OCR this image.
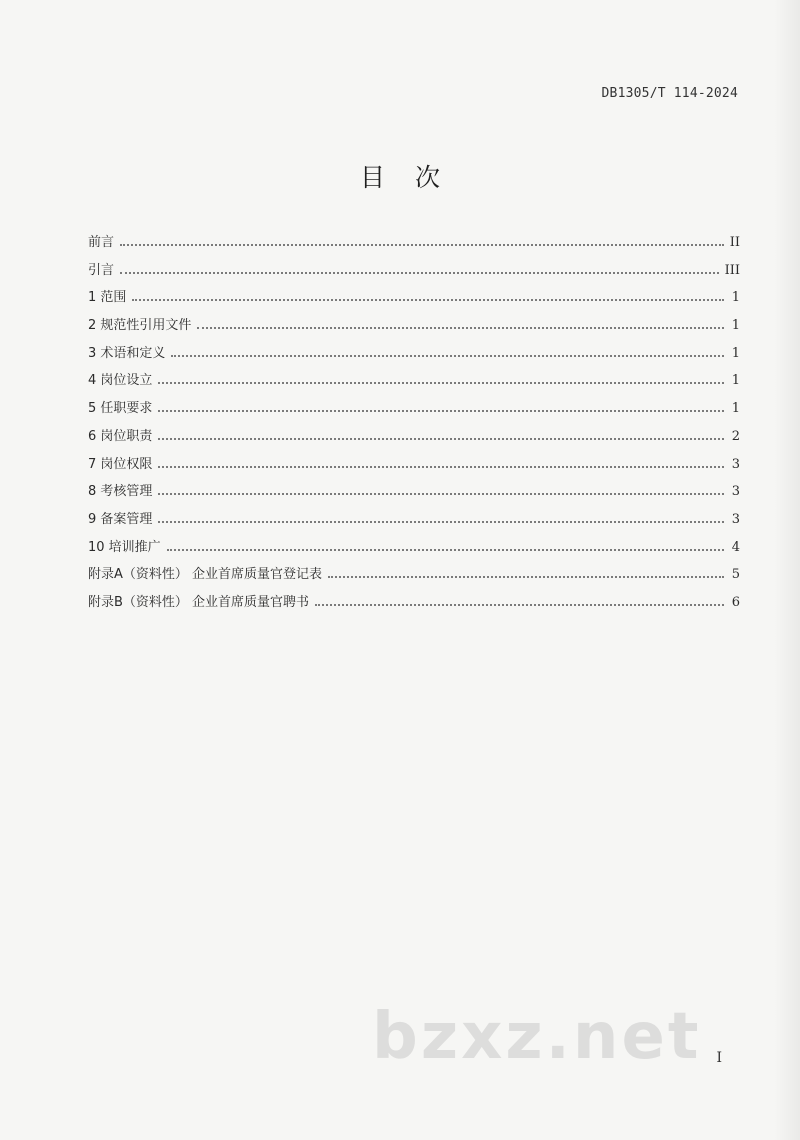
DB1305/T 114-2024
目次
前言	II
引言	III
1 范围	1
2 规范性引用文件	1
3 术语和定义	1
4 岗位设立	1
5 任职要求	1
6 岗位职责	2
7 岗位权限	3
8 考核管理	3
9 备案管理	3
10 培训推广	4
附录A（资料性） 企业首席质量官登记表	5
附录B（资料性） 企业首席质量官聘书	6
bzxz.net	I
